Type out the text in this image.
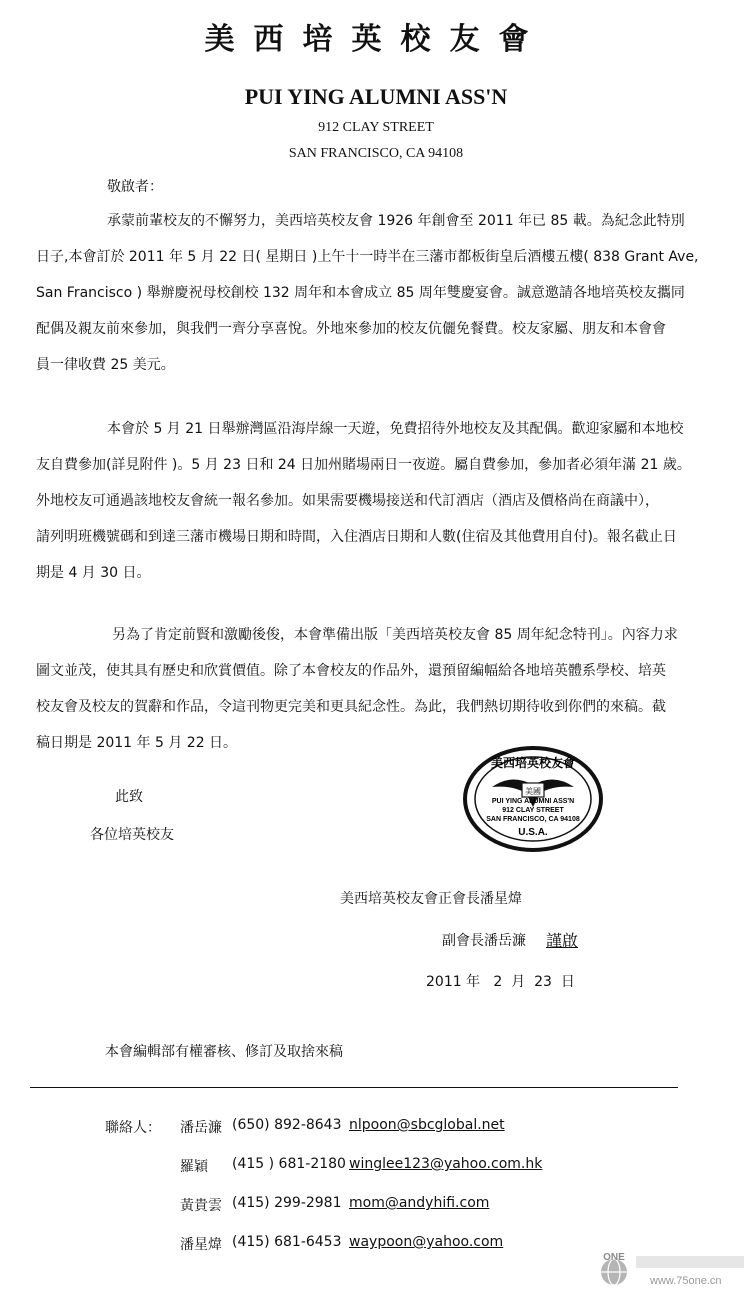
美西培英校友會
PUI YING ALUMNI ASS'N
912 CLAY STREET
SAN FRANCISCO, CA 94108
敬啟者：
承蒙前輩校友的不懈努力，美西培英校友會 1926 年創會至 2011 年已 85 載。為紀念此特別
日子,本會訂於 2011 年 5 月 22 日( 星期日 )上午十一時半在三藩市都板街皇后酒樓五樓( 838 Grant Ave,
San Francisco ) 舉辦慶祝母校創校 132 周年和本會成立 85 周年雙慶宴會。誠意邀請各地培英校友攜同
配偶及親友前來參加，與我們一齊分享喜悅。外地來參加的校友伉儷免餐費。校友家屬、朋友和本會會
員一律收費 25 美元。
本會於 5 月 21 日舉辦灣區沿海岸線一天遊，免費招待外地校友及其配偶。歡迎家屬和本地校
友自費參加(詳見附件 )。5 月 23 日和 24 日加州賭場兩日一夜遊。屬自費參加，參加者必須年滿 21 歲。
外地校友可通過該地校友會統一報名參加。如果需要機場接送和代訂酒店（酒店及價格尚在商議中），
請列明班機號碼和到達三藩市機場日期和時間，入住酒店日期和人數(住宿及其他費用自付)。報名截止日
期是 4 月 30 日。
另為了肯定前賢和激勵後俊，本會準備出版「美西培英校友會 85 周年紀念特刊」。內容力求
圖文並茂，使其具有歷史和欣賞價值。除了本會校友的作品外，還預留編幅給各地培英體系學校、培英
校友會及校友的賀辭和作品，令這刊物更完美和更具紀念性。為此，我們熱切期待收到你們的來稿。截
稿日期是 2011 年 5 月 22 日。
美西培英校友會
美國
PUI YING ALUMNI ASS'N
912 CLAY STREET
SAN FRANCISCO, CA 94108
U.S.A.
此致
各位培英校友
美西培英校友會正會長潘星煒
副會長潘岳濂 謹啟
2011 年   2  月  23  日
本會編輯部有權審核、修訂及取捨來稿
聯絡人： 潘岳濂 (650) 892-8643 nlpoon@sbcglobal.net
羅穎 (415 ) 681-2180 winglee123@yahoo.com.hk
黃貴雲 (415) 299-2981 mom@andyhifi.com
潘星煒 (415) 681-6453 waypoon@yahoo.com
ONE
www.75one.cn
